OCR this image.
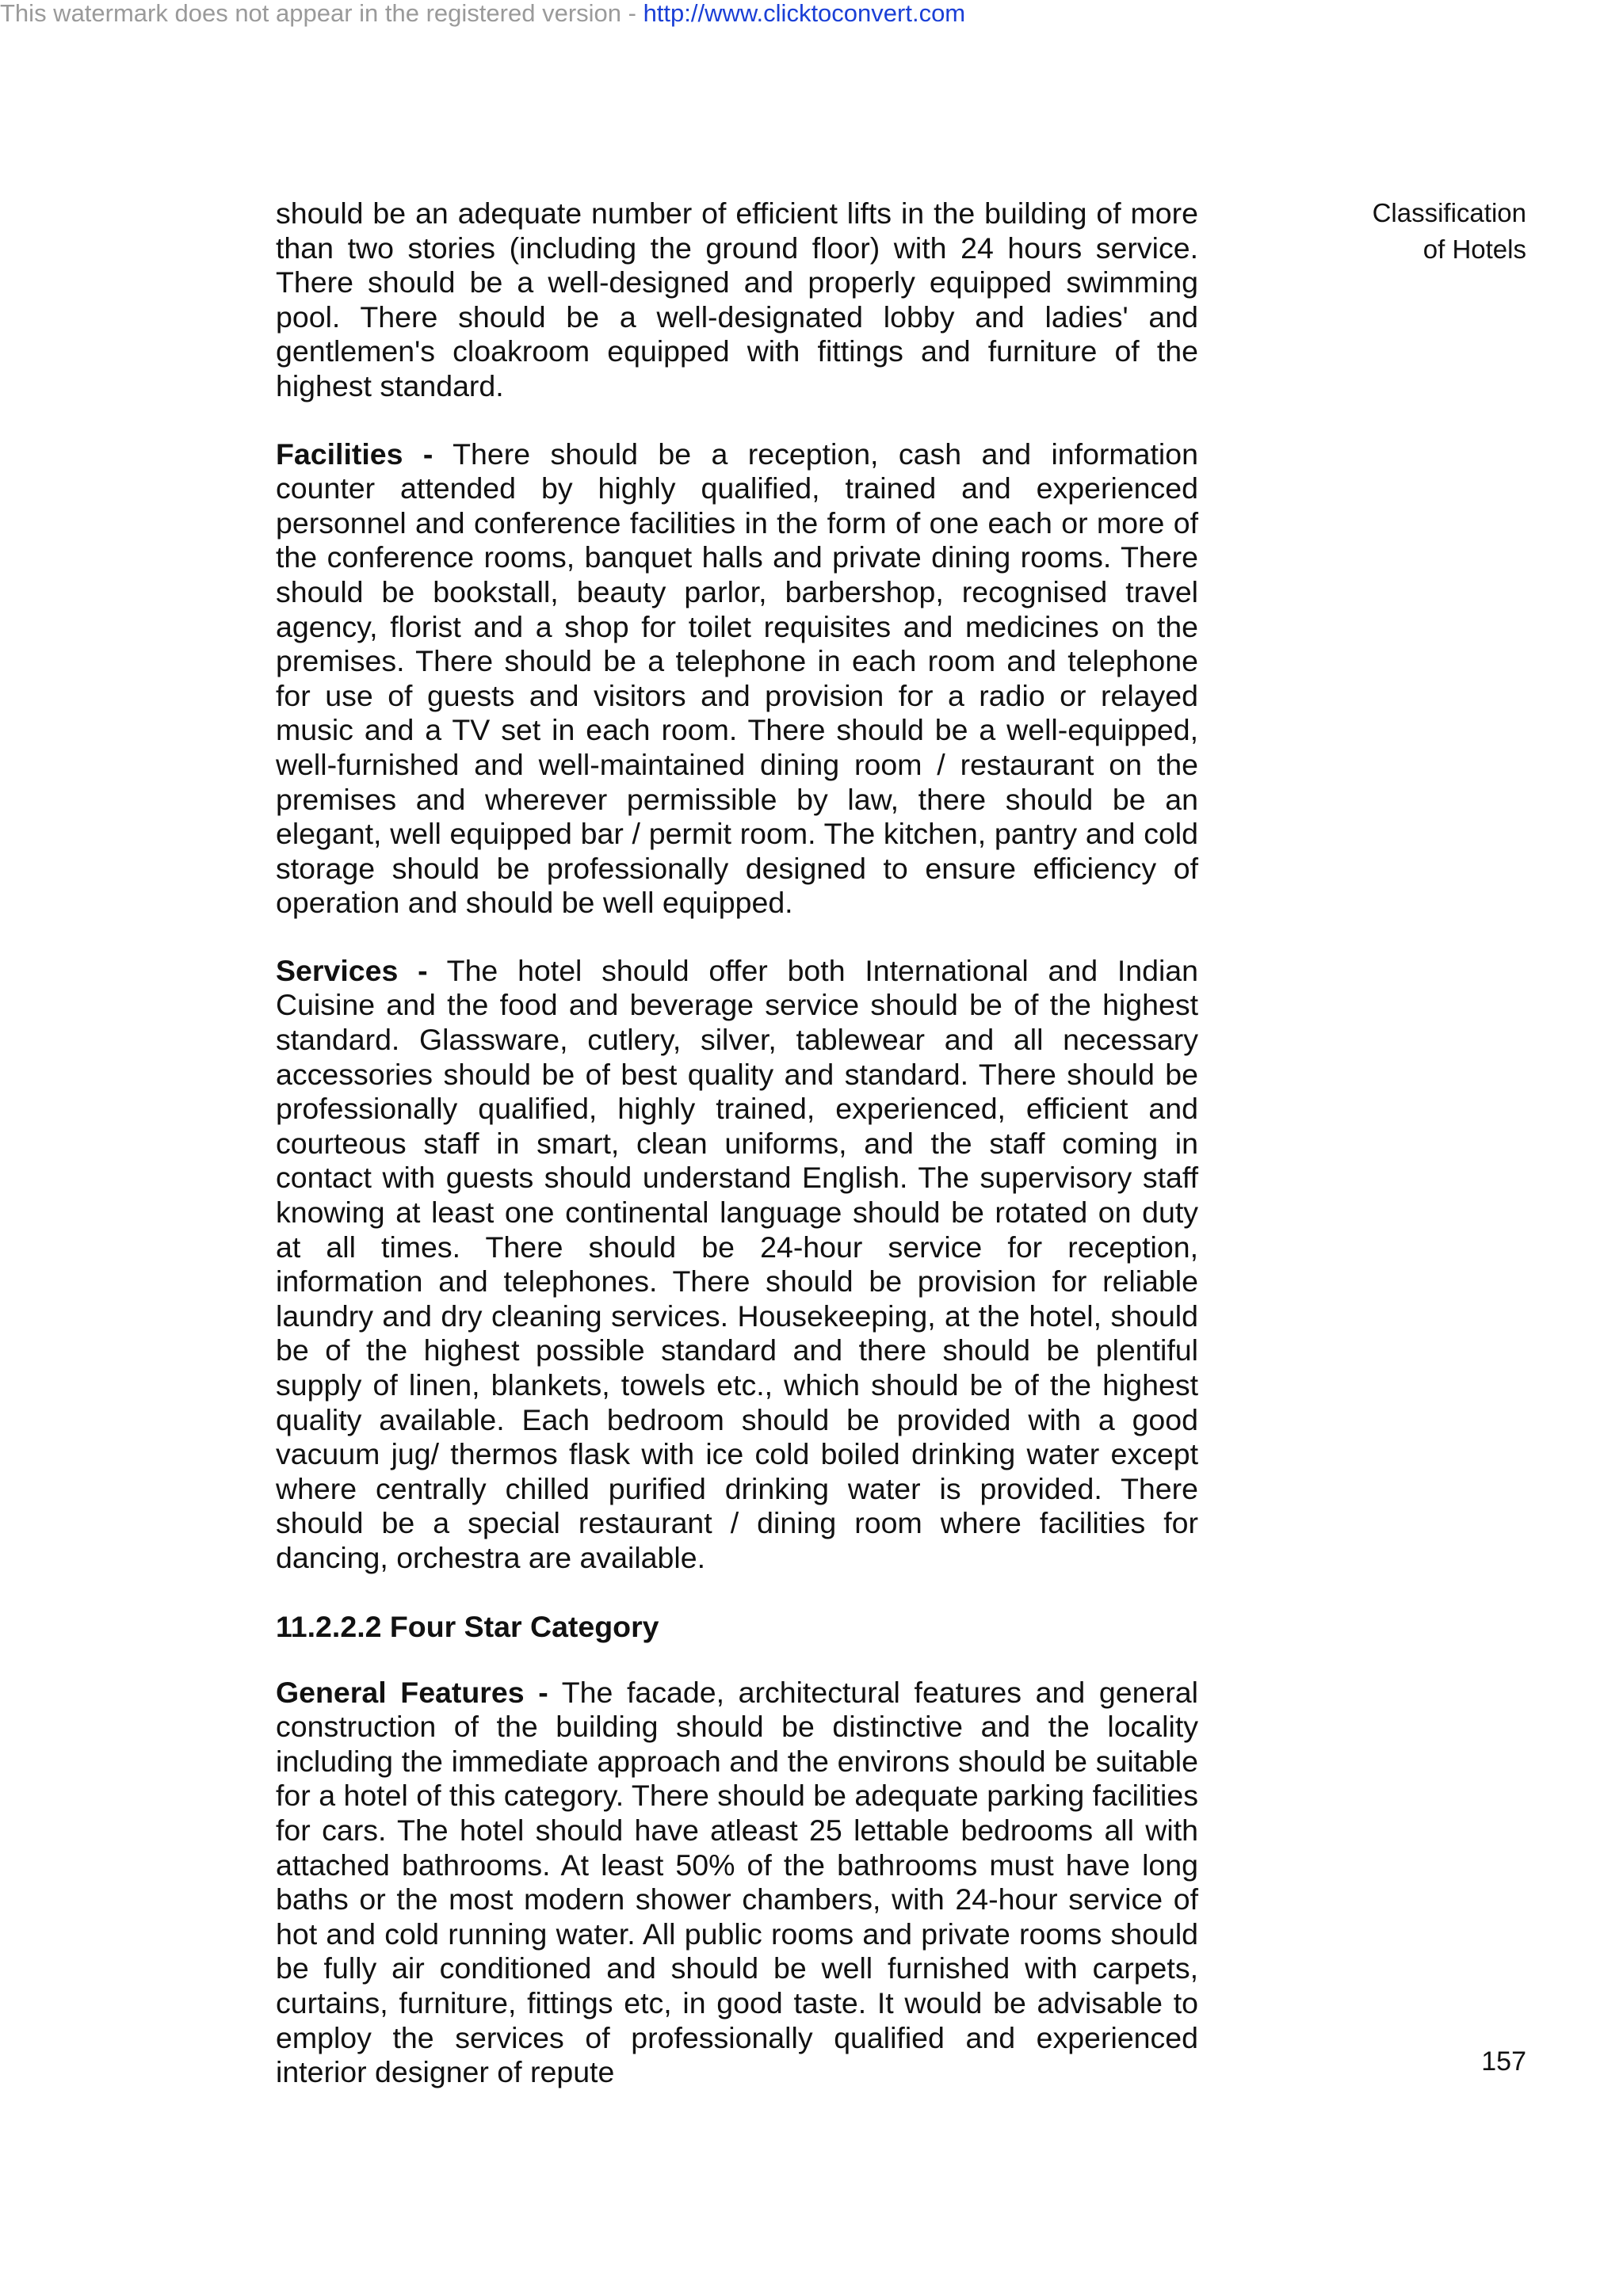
This watermark does not appear in the registered version - http://www.clicktoconvert.com
Classification
of Hotels

should be an adequate number of efficient lifts in the building of more than two stories (including the ground floor) with 24 hours service. There should be a well-designed and properly equipped swimming pool. There should be a well-designated lobby and ladies' and gentlemen's cloakroom equipped with fittings and furniture of the highest standard.

Facilities - There should be a reception, cash and information counter attended by highly qualified, trained and experienced personnel and conference facilities in the form of one each or more of the conference rooms, banquet halls and private dining rooms. There should be bookstall, beauty parlor, barbershop, recognised travel agency, florist and a shop for toilet requisites and medicines on the premises. There should be a telephone in each room and telephone for use of guests and visitors and provision for a radio or relayed music and a TV set in each room. There should be a well-equipped, well-furnished and well-maintained dining room / restaurant on the premises and wherever permissible by law, there should be an elegant, well equipped bar / permit room. The kitchen, pantry and cold storage should be professionally designed to ensure efficiency of operation and should be well equipped.

Services - The hotel should offer both International and Indian Cuisine and the food and beverage service should be of the highest standard. Glassware, cutlery, silver, tablewear and all necessary accessories should be of best quality and standard. There should be professionally qualified, highly trained, experienced, efficient and courteous staff in smart, clean uniforms, and the staff coming in contact with guests should understand English. The supervisory staff knowing at least one continental language should be rotated on duty at all times. There should be 24-hour service for reception, information and telephones. There should be provision for reliable laundry and dry cleaning services. Housekeeping, at the hotel, should be of the highest possible standard and there should be plentiful supply of linen, blankets, towels etc., which should be of the highest quality available. Each bedroom should be provided with a good vacuum jug/ thermos flask with ice cold boiled drinking water except where centrally chilled purified drinking water is provided. There should be a special restaurant / dining room where facilities for dancing, orchestra are available.

11.2.2.2 Four Star Category

General Features - The facade, architectural features and general construction of the building should be distinctive and the locality including the immediate approach and the environs should be suitable for a hotel of this category. There should be adequate parking facilities for cars. The hotel should have atleast 25 lettable bedrooms all with attached bathrooms. At least 50% of the bathrooms must have long baths or the most modern shower chambers, with 24-hour service of hot and cold running water. All public rooms and private rooms should be fully air conditioned and should be well furnished with carpets, curtains, furniture, fittings etc, in good taste. It would be advisable to employ the services of professionally qualified and experienced interior designer of repute	157
